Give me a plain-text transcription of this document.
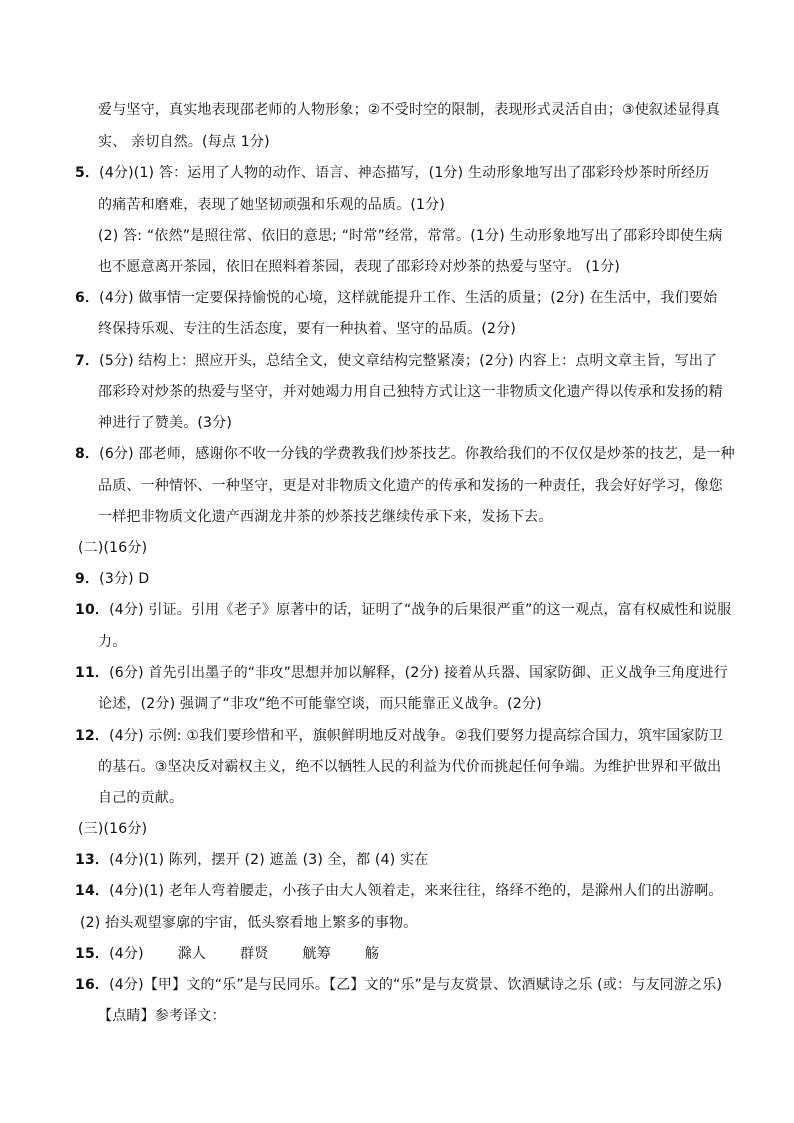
爱与坚守，真实地表现邵老师的人物形象；②不受时空的限制，表现形式灵活自由；③使叙述显得真
实、 亲切自然。(每点 1分)
5．(4分)(1) 答：运用了人物的动作、语言、神态描写，(1分) 生动形象地写出了邵彩玲炒茶时所经历
的痛苦和磨难，表现了她坚韧顽强和乐观的品质。(1分)
(2) 答: “依然”是照往常、依旧的意思; “时常”经常，常常。(1分) 生动形象地写出了邵彩玲即使生病
也不愿意离开茶园，依旧在照料着茶园，表现了邵彩玲对炒茶的热爱与坚守。 (1分)
6．(4分) 做事情一定要保持愉悦的心境，这样就能提升工作、生活的质量；(2分) 在生活中，我们要始
终保持乐观、专注的生活态度，要有一种执着、坚守的品质。(2分)
7．(5分) 结构上：照应开头，总结全文，使文章结构完整紧凑；(2分) 内容上：点明文章主旨，写出了
邵彩玲对炒茶的热爱与坚守，并对她竭力用自己独特方式让这一非物质文化遗产得以传承和发扬的精
神进行了赞美。(3分)
8．(6分) 邵老师，感谢你不收一分钱的学费教我们炒茶技艺。你教给我们的不仅仅是炒茶的技艺，是一种
品质、一种情怀、一种坚守，更是对非物质文化遗产的传承和发扬的一种责任，我会好好学习，像您
一样把非物质文化遗产西湖龙井茶的炒茶技艺继续传承下来，发扬下去。
(二)(16分)
9．(3分) D
10．(4分) 引证。引用《老子》原著中的话，证明了“战争的后果很严重”的这一观点，富有权威性和说服
力。
11．(6分) 首先引出墨子的“非攻”思想并加以解释，(2分) 接着从兵器、国家防御、正义战争三角度进行
论述，(2分) 强调了“非攻”绝不可能靠空谈，而只能靠正义战争。(2分)
12．(4分) 示例: ①我们要珍惜和平，旗帜鲜明地反对战争。②我们要努力提高综合国力，筑牢国家防卫
的基石。③坚决反对霸权主义，绝不以牺牲人民的利益为代价而挑起任何争端。为维护世界和平做出
自己的贡献。
(三)(16分)
13．(4分)(1) 陈列，摆开 (2) 遮盖 (3) 全，都 (4) 实在
14．(4分)(1) 老年人弯着腰走，小孩子由大人领着走，来来往往，络绎不绝的，是滁州人们的出游啊。
(2) 抬头观望寥廓的宇宙，低头察看地上繁多的事物。
15．(4分) 滁人 群贤 觥筹 觞
16．(4分)【甲】文的“乐”是与民同乐。【乙】文的“乐”是与友赏景、饮酒赋诗之乐 (或：与友同游之乐)
【点睛】参考译文：
